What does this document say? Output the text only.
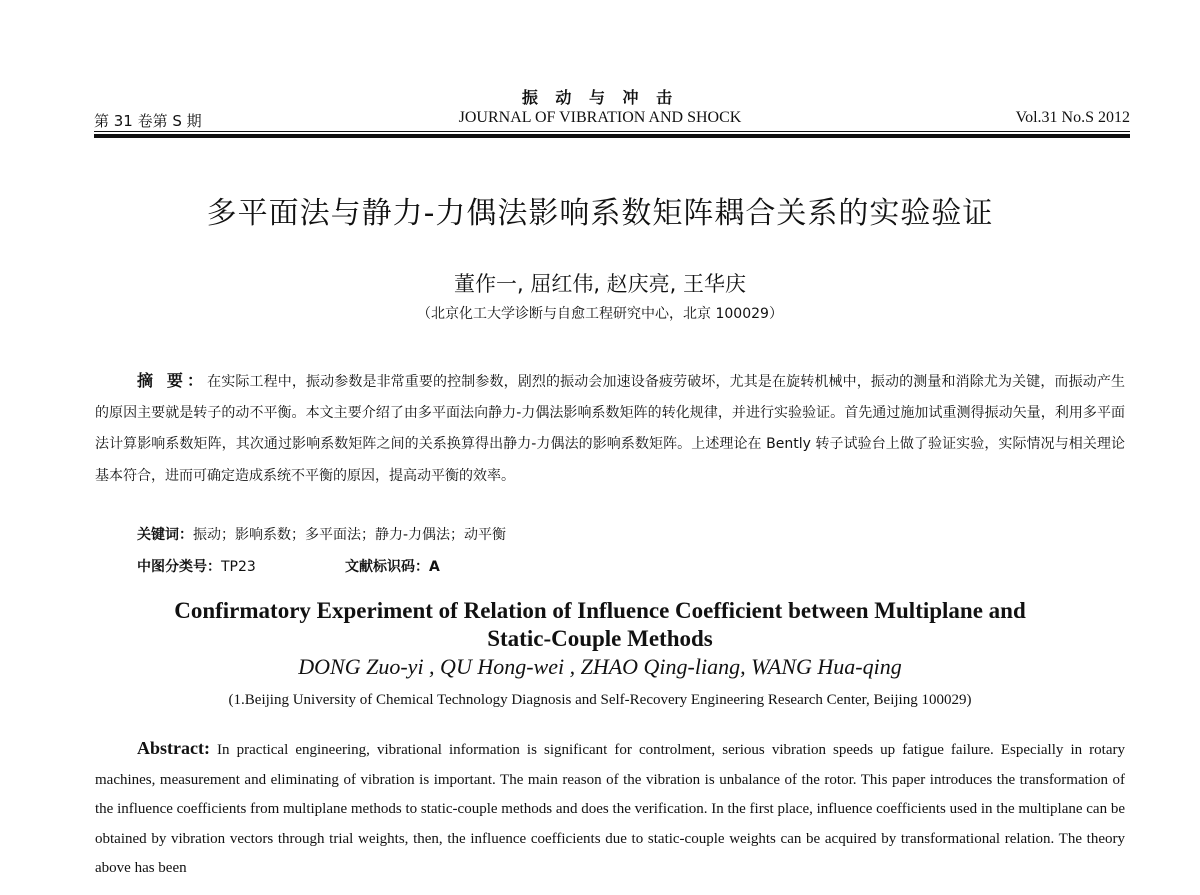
振 动 与 冲 击
第 31 卷第 S 期	JOURNAL OF VIBRATION AND SHOCK	Vol.31 No.S 2012
多平面法与静力-力偶法影响系数矩阵耦合关系的实验验证
董作一, 屈红伟, 赵庆亮, 王华庆
（北京化工大学诊断与自愈工程研究中心，北京 100029）

摘 要：在实际工程中，振动参数是非常重要的控制参数，剧烈的振动会加速设备疲劳破坏，尤其是在旋转机械中，振动的测量和消除尤为关键，而振动产生的原因主要就是转子的动不平衡。本文主要介绍了由多平面法向静力-力偶法影响系数矩阵的转化规律，并进行实验验证。首先通过施加试重测得振动矢量，利用多平面法计算影响系数矩阵，其次通过影响系数矩阵之间的关系换算得出静力-力偶法的影响系数矩阵。上述理论在 Bently 转子试验台上做了验证实验，实际情况与相关理论基本符合，进而可确定造成系统不平衡的原因，提高动平衡的效率。

关键词：振动；影响系数；多平面法；静力-力偶法；动平衡
中图分类号：TP23	文献标识码：A
Confirmatory Experiment of Relation of Influence Coefficient between Multiplane and
Static-Couple Methods
DONG Zuo-yi , QU Hong-wei , ZHAO Qing-liang, WANG Hua-qing
(1.Beijing University of Chemical Technology Diagnosis and Self-Recovery Engineering Research Center, Beijing 100029)

Abstract: In practical engineering, vibrational information is significant for controlment, serious vibration speeds up fatigue failure. Especially in rotary machines, measurement and eliminating of vibration is important. The main reason of the vibration is unbalance of the rotor. This paper introduces the transformation of the influence coefficients from multiplane methods to static-couple methods and does the verification. In the first place, influence coefficients used in the multiplane can be obtained by vibration vectors through trial weights, then, the influence coefficients due to static-couple weights can be acquired by transformational relation. The theory above has been
